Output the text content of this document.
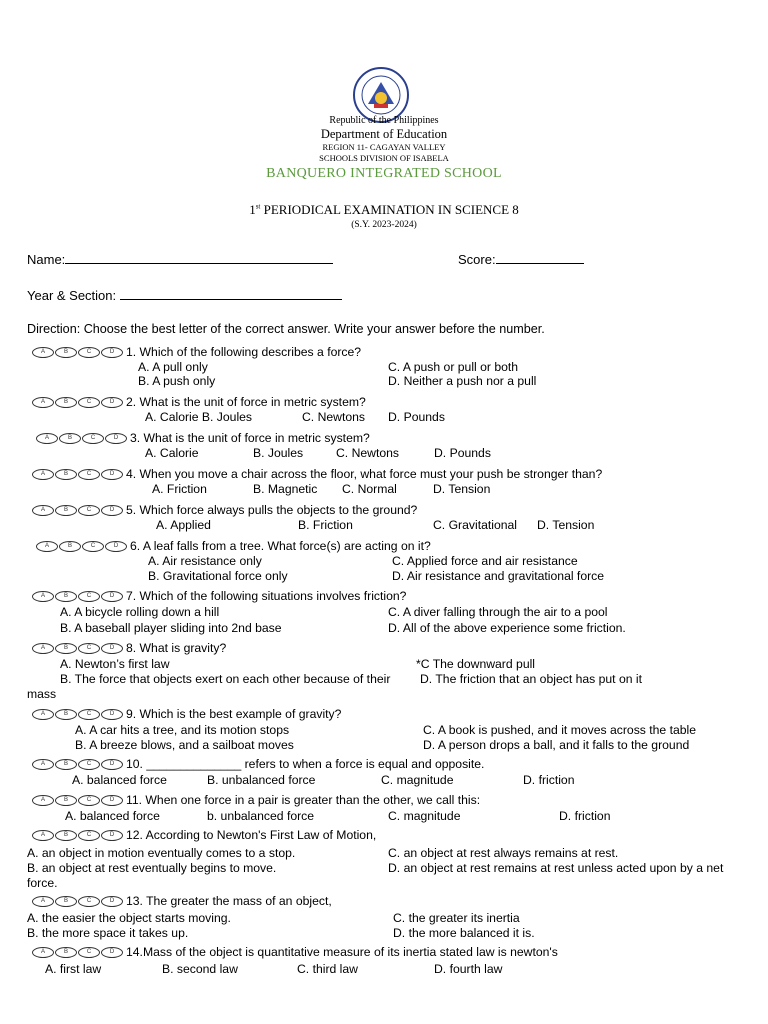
Republic of the Philippines
Department of Education
REGION 11- CAGAYAN VALLEY
SCHOOLS DIVISION OF ISABELA
BANQUERO INTEGRATED SCHOOL
1st PERIODICAL EXAMINATION IN SCIENCE 8
(S.Y. 2023-2024)
Name:	Score:
Year & Section:
Direction: Choose the best letter of the correct answer. Write your answer before the number.
A	B	C	D 1. Which of the following describes a force?
A. A pull only	C. A push or pull or both
B. A push only	D. Neither a push nor a pull
A	B	C	D 2. What is the unit of force in metric system?
A. Calorie B. Joules	C. Newtons D. Pounds
A	B	C	D 3. What is the unit of force in metric system?
A. Calorie	B. Joules	C. Newtons	D. Pounds
A	B	C	D 4. When you move a chair across the floor, what force must your push be stronger than?
A. Friction	B. Magnetic C. Normal	D. Tension
A	B	C	D 5. Which force always pulls the objects to the ground?
A. Applied	B. Friction	C. Gravitational D. Tension
A	B	C	D 6. A leaf falls from a tree. What force(s) are acting on it?
A. Air resistance only	C. Applied force and air resistance
B. Gravitational force only	D. Air resistance and gravitational force
A	B	C	D 7. Which of the following situations involves friction?
A. A bicycle rolling down a hill	C. A diver falling through the air to a pool
B. A baseball player sliding into 2nd base	D. All of the above experience some friction.
A	B	C	D 8. What is gravity?
A. Newton’s first law	*C The downward pull
B. The force that objects exert on each other because of their D. The friction that an object has put on it
mass
A	B	C	D 9. Which is the best example of gravity?
A. A car hits a tree, and its motion stops	C. A book is pushed, and it moves across the table
B. A breeze blows, and a sailboat moves	D. A person drops a ball, and it falls to the ground
A	B	C	D 10. ______________ refers to when a force is equal and opposite.
A. balanced force	B. unbalanced force	C. magnitude	D. friction
A	B	C	D 11. When one force in a pair is greater than the other, we call this:
A. balanced force	b. unbalanced force	C. magnitude	D. friction
A	B	C	D 12. According to Newton's First Law of Motion,
A. an object in motion eventually comes to a stop.	C. an object at rest always remains at rest.
B. an object at rest eventually begins to move.	D. an object at rest remains at rest unless acted upon by a net
force.
A	B	C	D 13. The greater the mass of an object,
A. the easier the object starts moving.	C. the greater its inertia
B. the more space it takes up.	D. the more balanced it is.
A	B	C	D 14.Mass of the object is quantitative measure of its inertia stated law is newton's
A. first law	B. second law	C. third law	D. fourth law
